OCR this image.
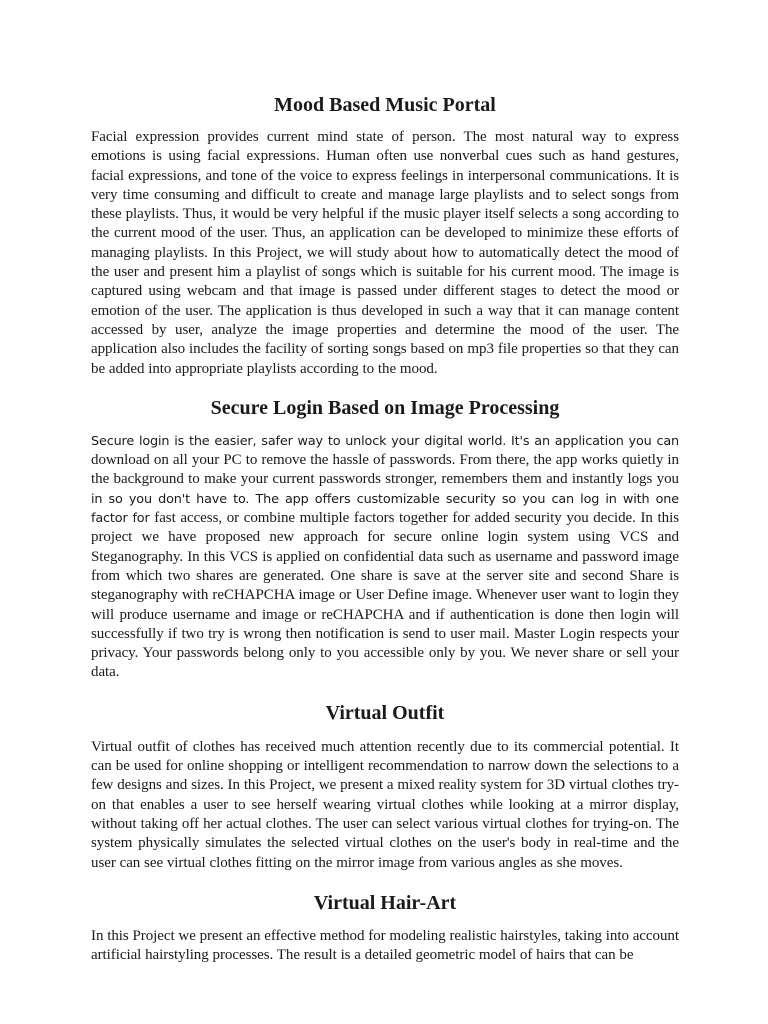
Mood Based Music Portal

Facial expression provides current mind state of person. The most natural way to express emotions is using facial expressions. Human often use nonverbal cues such as hand gestures, facial expressions, and tone of the voice to express feelings in interpersonal communications. It is very time consuming and difficult to create and manage large playlists and to select songs from these playlists. Thus, it would be very helpful if the music player itself selects a song according to the current mood of the user. Thus, an application can be developed to minimize these efforts of managing playlists. In this Project, we will study about how to automatically detect the mood of the user and present him a playlist of songs which is suitable for his current mood. The image is captured using webcam and that image is passed under different stages to detect the mood or emotion of the user. The application is thus developed in such a way that it can manage content accessed by user, analyze the image properties and determine the mood of the user. The application also includes the facility of sorting songs based on mp3 file properties so that they can be added into appropriate playlists according to the mood.

Secure Login Based on Image Processing

Secure login is the easier, safer way to unlock your digital world. It's an application you can download on all your PC to remove the hassle of passwords. From there, the app works quietly in the background to make your current passwords stronger, remembers them and instantly logs you in so you don't have to. The app offers customizable security so you can log in with one factor for fast access, or combine multiple factors together for added security you decide. In this project we have proposed new approach for secure online login system using VCS and Steganography. In this VCS is applied on confidential data such as username and password image from which two shares are generated. One share is save at the server site and second Share is steganography with reCHAPCHA image or User Define image. Whenever user want to login they will produce username and image or reCHAPCHA and if authentication is done then login will successfully if two try is wrong then notification is send to user mail. Master Login respects your privacy. Your passwords belong only to you accessible only by you. We never share or sell your data.

Virtual Outfit

Virtual outfit of clothes has received much attention recently due to its commercial potential. It can be used for online shopping or intelligent recommendation to narrow down the selections to a few designs and sizes. In this Project, we present a mixed reality system for 3D virtual clothes try-on that enables a user to see herself wearing virtual clothes while looking at a mirror display, without taking off her actual clothes. The user can select various virtual clothes for trying-on. The system physically simulates the selected virtual clothes on the user's body in real-time and the user can see virtual clothes fitting on the mirror image from various angles as she moves.

Virtual Hair-Art

In this Project we present an effective method for modeling realistic hairstyles, taking into account artificial hairstyling processes. The result is a detailed geometric model of hairs that can be
